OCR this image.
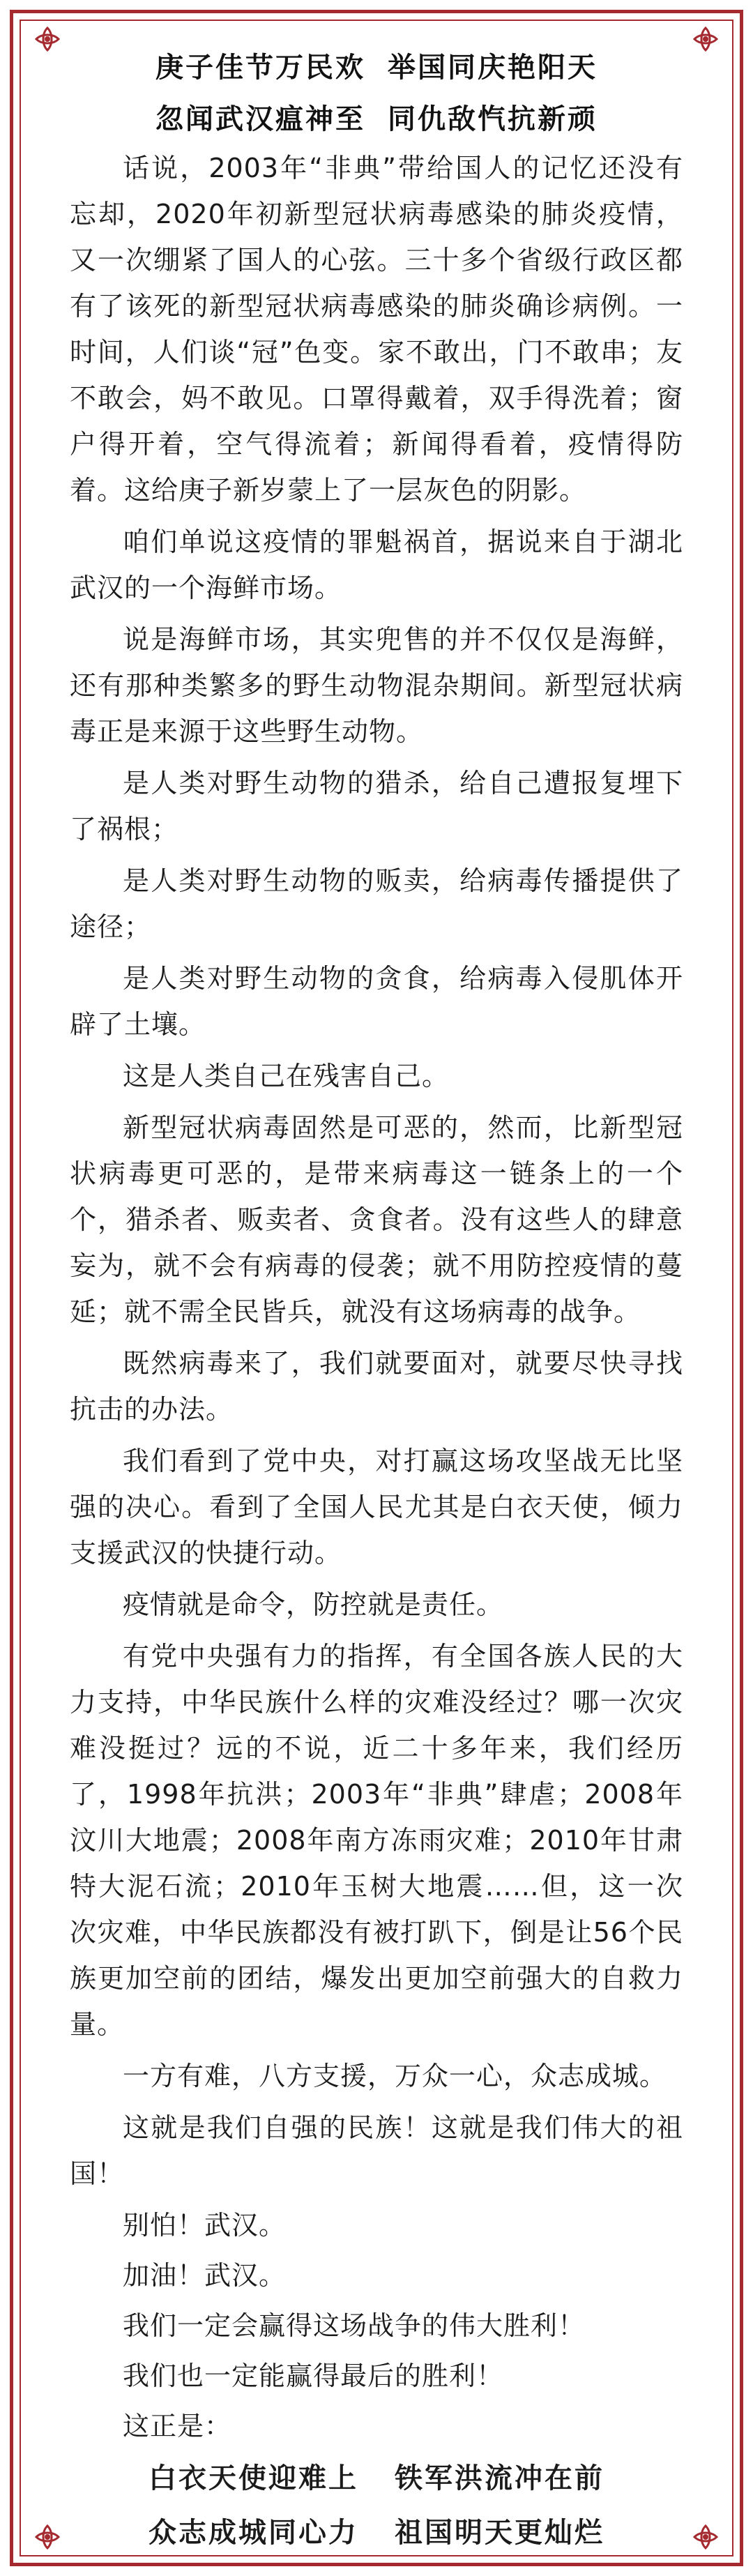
庚子佳节万民欢 举国同庆艳阳天
忽闻武汉瘟神至 同仇敌忾抗新顽

话说，2003年“非典”带给国人的记忆还没有忘却，2020年初新型冠状病毒感染的肺炎疫情，又一次绷紧了国人的心弦。三十多个省级行政区都有了该死的新型冠状病毒感染的肺炎确诊病例。一时间，人们谈“冠”色变。家不敢出，门不敢串；友不敢会，妈不敢见。口罩得戴着，双手得洗着；窗户得开着，空气得流着；新闻得看着，疫情得防着。这给庚子新岁蒙上了一层灰色的阴影。

咱们单说这疫情的罪魁祸首，据说来自于湖北武汉的一个海鲜市场。

说是海鲜市场，其实兜售的并不仅仅是海鲜，还有那种类繁多的野生动物混杂期间。新型冠状病毒正是来源于这些野生动物。

是人类对野生动物的猎杀，给自己遭报复埋下了祸根；

是人类对野生动物的贩卖，给病毒传播提供了途径；

是人类对野生动物的贪食，给病毒入侵肌体开辟了土壤。

这是人类自己在残害自己。

新型冠状病毒固然是可恶的，然而，比新型冠状病毒更可恶的，是带来病毒这一链条上的一个个，猎杀者、贩卖者、贪食者。没有这些人的肆意妄为，就不会有病毒的侵袭；就不用防控疫情的蔓延；就不需全民皆兵，就没有这场病毒的战争。

既然病毒来了，我们就要面对，就要尽快寻找抗击的办法。

我们看到了党中央，对打赢这场攻坚战无比坚强的决心。看到了全国人民尤其是白衣天使，倾力支援武汉的快捷行动。

疫情就是命令，防控就是责任。

有党中央强有力的指挥，有全国各族人民的大力支持，中华民族什么样的灾难没经过？哪一次灾难没挺过？远的不说，近二十多年来，我们经历了，1998年抗洪；2003年“非典”肆虐；2008年汶川大地震；2008年南方冻雨灾难；2010年甘肃特大泥石流；2010年玉树大地震……但，这一次次灾难，中华民族都没有被打趴下，倒是让56个民族更加空前的团结，爆发出更加空前强大的自救力量。

一方有难，八方支援，万众一心，众志成城。

这就是我们自强的民族！这就是我们伟大的祖国！

别怕！武汉。

加油！武汉。

我们一定会赢得这场战争的伟大胜利！

我们也一定能赢得最后的胜利！

这正是：

白衣天使迎难上 铁军洪流冲在前
众志成城同心力 祖国明天更灿烂
